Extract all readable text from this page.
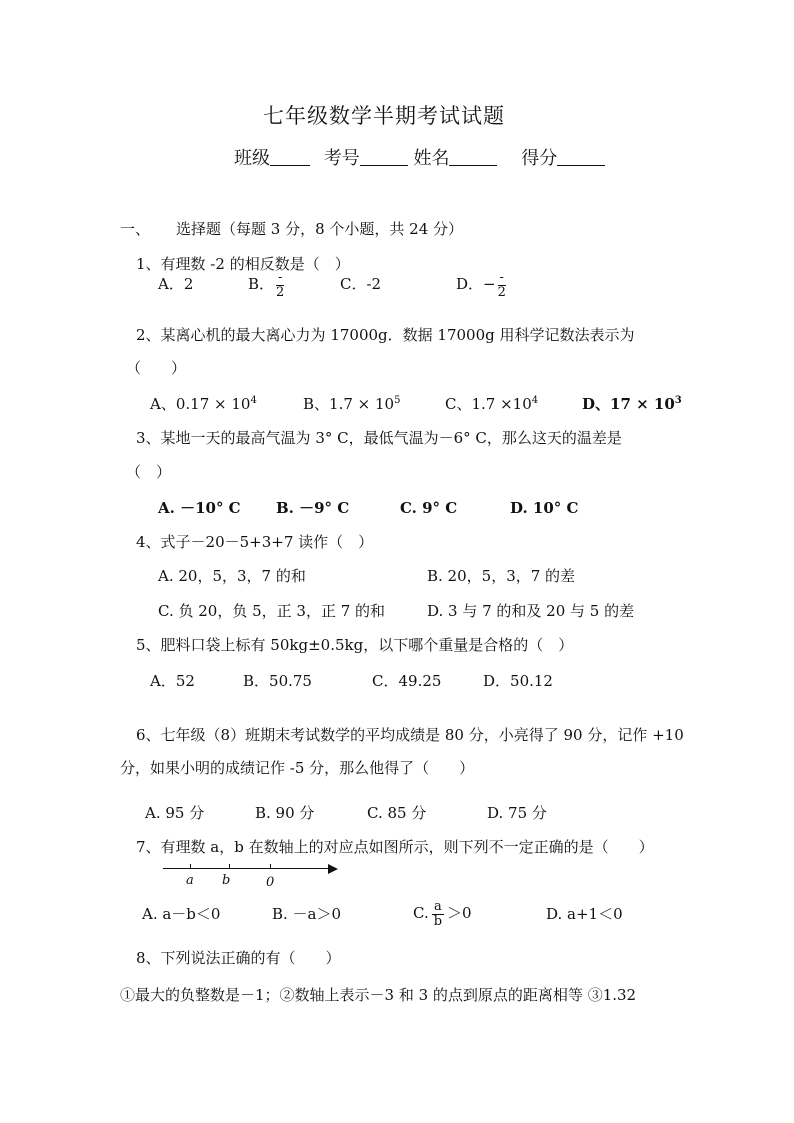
七年级数学半期考试试题
班级	考号	姓名	得分
一、 选择题（每题 3 分，8 个小题，共 24 分）
1、有理数 -2 的相反数是（　）
A．2	B． $\frac{-}{2}$	C．-2	D．− $\frac{-}{2}$
2、某离心机的最大离心力为 17000g．数据 17000g 用科学记数法表示为
（　　）
A、$0.17 \times 10^4$	B、$1.7 \times 10^5$	C、$1.7 \times 10^4$	D、$17 \times 10^3$
3、某地一天的最高气温为 3° C，最低气温为－6° C，那么这天的温差是
（　）
A. －10° C B. －9° C	C. 9° C	D. 10° C
4、式子－20－5+3+7 读作（　）
A. 20，5，3，7 的和	B. 20，5，3，7 的差
C. 负 20，负 5，正 3，正 7 的和	D. 3 与 7 的和及 20 与 5 的差
5、肥料口袋上标有 50kg±0.5kg，以下哪个重量是合格的（　）
A．52	B．50.75	C．49.25	D．50.12
6、七年级（8）班期末考试数学的平均成绩是 80 分，小亮得了 90 分，记作 +10
分，如果小明的成绩记作 -5 分，那么他得了（　　）
A. 95 分	B. 90 分	C. 85 分	D. 75 分
7、有理数 a，b 在数轴上的对应点如图所示，则下列不一定正确的是（　　）
a b	0
A. a－b＜0	B. －a＞0	C. $\frac{a}{b} >0$	D. a+1＜0
8、下列说法正确的有（　　）
①最大的负整数是－1；②数轴上表示－3 和 3 的点到原点的距离相等 ③1.32
